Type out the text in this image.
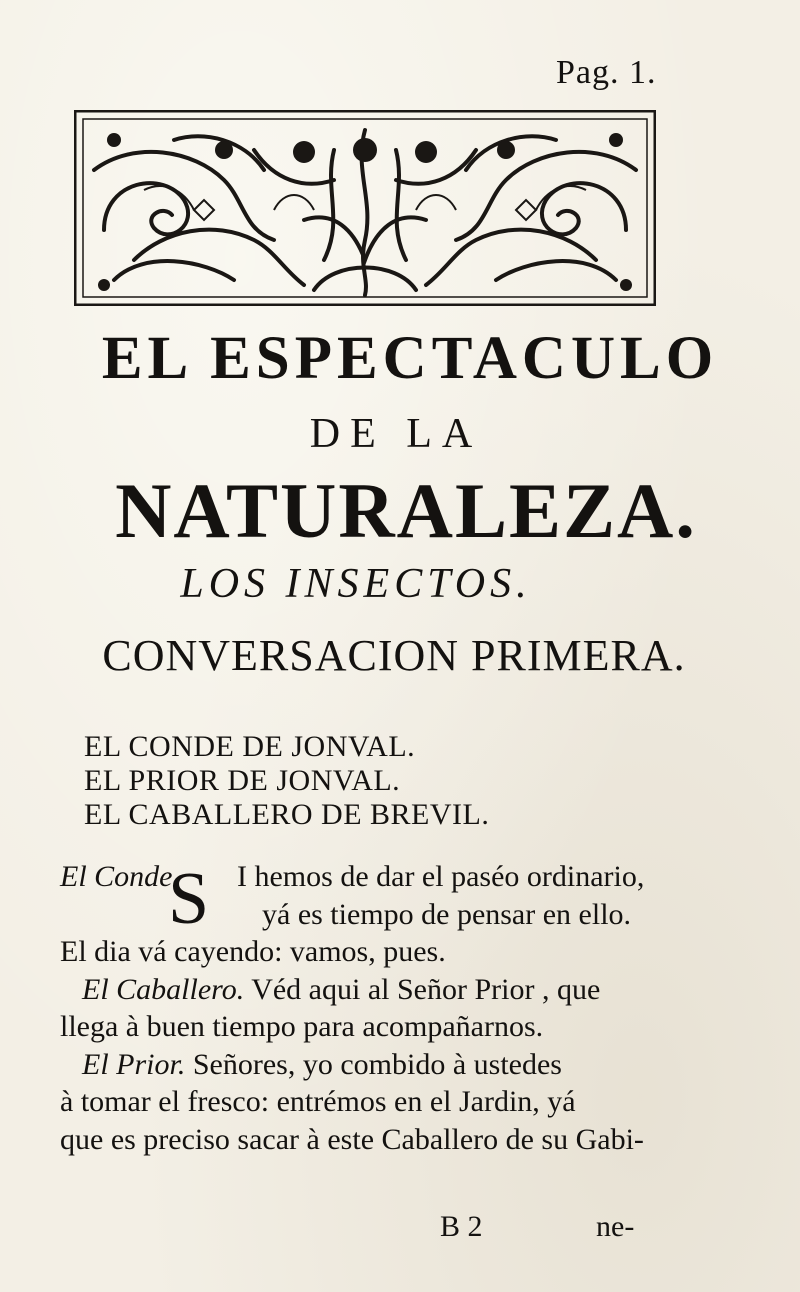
Pag. 1.
EL ESPECTACULO
DE LA
NATURALEZA.
LOS INSECTOS.
CONVERSACION PRIMERA.
EL CONDE DE JONVAL.
EL PRIOR DE JONVAL.
EL CABALLERO DE BREVIL.
S
El Conde. I hemos de dar el paséo ordinario,
yá es tiempo de pensar en ello.
El dia vá cayendo: vamos, pues.
El Caballero. Véd aqui al Señor Prior , que
llega à buen tiempo para acompañarnos.
El Prior. Señores, yo combido à ustedes
à tomar el fresco: entrémos en el Jardin, yá
que es preciso sacar à este Caballero de su Gabi-
B 2	ne-
